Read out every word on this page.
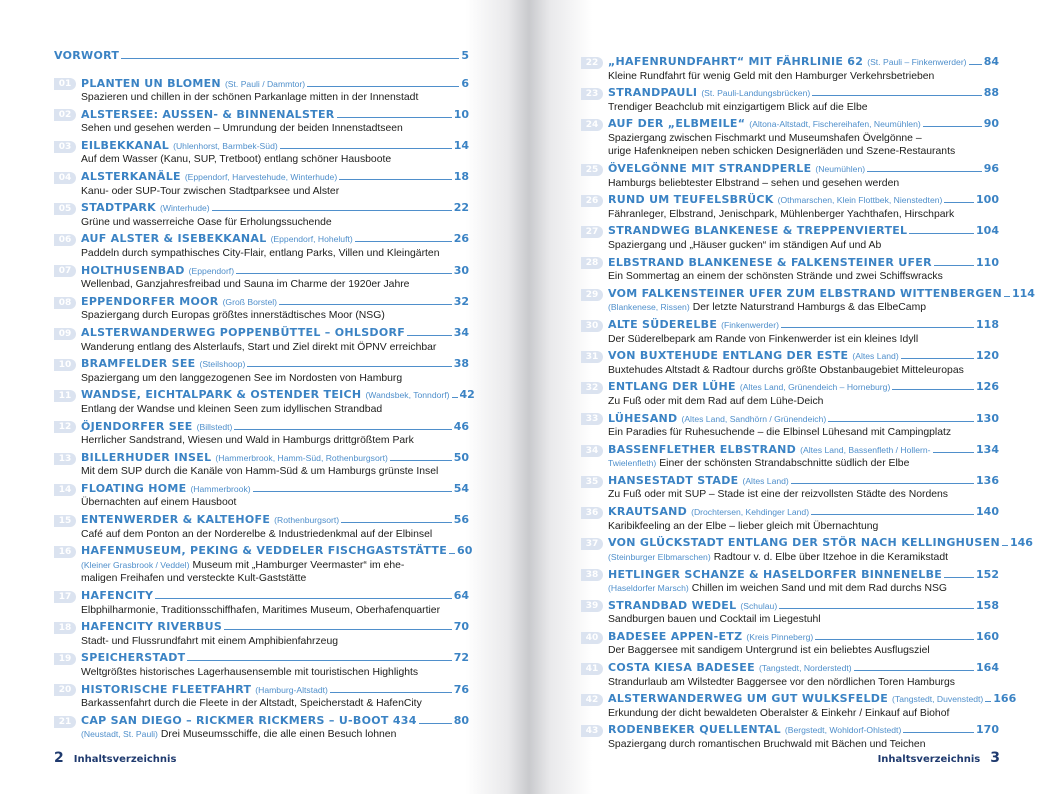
VORWORT	5
01 PLANTEN UN BLOMEN (St. Pauli / Dammtor)	6
Spazieren und chillen in der schönen Parkanlage mitten in der Innenstadt
02 ALSTERSEE: AUSSEN- & BINNENALSTER	10
Sehen und gesehen werden – Umrundung der beiden Innenstadtseen
03 EILBEKKANAL (Uhlenhorst, Barmbek-Süd)	14
Auf dem Wasser (Kanu, SUP, Tretboot) entlang schöner Hausboote
04 ALSTERKANÄLE (Eppendorf, Harvestehude, Winterhude)	18
Kanu- oder SUP-Tour zwischen Stadtparksee und Alster
05 STADTPARK (Winterhude)	22
Grüne und wasserreiche Oase für Erholungssuchende
06 AUF ALSTER & ISEBEKKANAL (Eppendorf, Hoheluft)	26
Paddeln durch sympathisches City-Flair, entlang Parks, Villen und Kleingärten
07 HOLTHUSENBAD (Eppendorf)	30
Wellenbad, Ganzjahresfreibad und Sauna im Charme der 1920er Jahre
08 EPPENDORFER MOOR (Groß Borstel)	32
Spaziergang durch Europas größtes innerstädtisches Moor (NSG)
09 ALSTERWANDERWEG POPPENBÜTTEL – OHLSDORF	34
Wanderung entlang des Alsterlaufs, Start und Ziel direkt mit ÖPNV erreichbar
10 BRAMFELDER SEE (Steilshoop)	38
Spaziergang um den langgezogenen See im Nordosten von Hamburg
11 WANDSE, EICHTALPARK & OSTENDER TEICH (Wandsbek, Tonndorf) 42
Entlang der Wandse und kleinen Seen zum idyllischen Strandbad
12 ÖJENDORFER SEE (Billstedt)	46
Herrlicher Sandstrand, Wiesen und Wald in Hamburgs drittgrößtem Park
13 BILLERHUDER INSEL (Hammerbrook, Hamm-Süd, Rothenburgsort)	50
Mit dem SUP durch die Kanäle von Hamm-Süd & um Hamburgs grünste Insel
14 FLOATING HOME (Hammerbrook)	54
Übernachten auf einem Hausboot
15 ENTENWERDER & KALTEHOFE (Rothenburgsort)	56
Café auf dem Ponton an der Norderelbe & Industriedenkmal auf der Elbinsel
16 HAFENMUSEUM, PEKING & VEDDELER FISCHGASTSTÄTTE 60
(Kleiner Grasbrook / Veddel) Museum mit „Hamburger Veermaster“ im ehe-
maligen Freihafen und versteckte Kult-Gaststätte
17 HAFENCITY	64
Elbphilharmonie, Traditionsschiffhafen, Maritimes Museum, Oberhafenquartier
18 HAFENCITY RIVERBUS	70
Stadt- und Flussrundfahrt mit einem Amphibienfahrzeug
19 SPEICHERSTADT	72
Weltgrößtes historisches Lagerhausensemble mit touristischen Highlights
20 HISTORISCHE FLEETFAHRT (Hamburg-Altstadt)	76
Barkassenfahrt durch die Fleete in der Altstadt, Speicherstadt & HafenCity
21 CAP SAN DIEGO – RICKMER RICKMERS – U-BOOT 434	80
(Neustadt, St. Pauli) Drei Museumsschiffe, die alle einen Besuch lohnen
2 Inhaltsverzeichnis	Inhaltsverzeichnis 3
22 „HAFENRUNDFAHRT“ MIT FÄHRLINIE 62 (St. Pauli – Finkenwerder) 84
Kleine Rundfahrt für wenig Geld mit den Hamburger Verkehrsbetrieben
23 STRANDPAULI (St. Pauli-Landungsbrücken)	88
Trendiger Beachclub mit einzigartigem Blick auf die Elbe
24 AUF DER „ELBMEILE“ (Altona-Altstadt, Fischereihafen, Neumühlen)	90
Spaziergang zwischen Fischmarkt und Museumshafen Övelgönne –
urige Hafenkneipen neben schicken Designerläden und Szene-Restaurants
25 ÖVELGÖNNE MIT STRANDPERLE (Neumühlen)	96
Hamburgs beliebtester Elbstrand – sehen und gesehen werden
26 RUND UM TEUFELSBRÜCK (Othmarschen, Klein Flottbek, Nienstedten)	100
Fähranleger, Elbstrand, Jenischpark, Mühlenberger Yachthafen, Hirschpark
27 STRANDWEG BLANKENESE & TREPPENVIERTEL	104
Spaziergang und „Häuser gucken“ im ständigen Auf und Ab
28 ELBSTRAND BLANKENESE & FALKENSTEINER UFER	110
Ein Sommertag an einem der schönsten Strände und zwei Schiffswracks
29 VOM FALKENSTEINER UFER ZUM ELBSTRAND WITTENBERGEN 114
(Blankenese, Rissen) Der letzte Naturstrand Hamburgs & das ElbeCamp
30 ALTE SÜDERELBE (Finkenwerder)	118
Der Süderelbepark am Rande von Finkenwerder ist ein kleines Idyll
31 VON BUXTEHUDE ENTLANG DER ESTE (Altes Land)	120
Buxtehudes Altstadt & Radtour durchs größte Obstanbaugebiet Mitteleuropas
32 ENTLANG DER LÜHE (Altes Land, Grünendeich – Horneburg)	126
Zu Fuß oder mit dem Rad auf dem Lühe-Deich
33 LÜHESAND (Altes Land, Sandhörn / Grünendeich)	130
Ein Paradies für Ruhesuchende – die Elbinsel Lühesand mit Campingplatz
34 BASSENFLETHER ELBSTRAND (Altes Land, Bassenfleth / Hollern-	134
Twielenfleth) Einer der schönsten Strandabschnitte südlich der Elbe
35 HANSESTADT STADE (Altes Land)	136
Zu Fuß oder mit SUP – Stade ist eine der reizvollsten Städte des Nordens
36 KRAUTSAND (Drochtersen, Kehdinger Land)	140
Karibikfeeling an der Elbe – lieber gleich mit Übernachtung
37 VON GLÜCKSTADT ENTLANG DER STÖR NACH KELLINGHUSEN 146
(Steinburger Elbmarschen) Radtour v. d. Elbe über Itzehoe in die Keramikstadt
38 HETLINGER SCHANZE & HASELDORFER BINNENELBE	152
(Haseldorfer Marsch) Chillen im weichen Sand und mit dem Rad durchs NSG
39 STRANDBAD WEDEL (Schulau)	158
Sandburgen bauen und Cocktail im Liegestuhl
40 BADESEE APPEN-ETZ (Kreis Pinneberg)	160
Der Baggersee mit sandigem Untergrund ist ein beliebtes Ausflugsziel
41 COSTA KIESA BADESEE (Tangstedt, Norderstedt)	164
Strandurlaub am Wilstedter Baggersee vor den nördlichen Toren Hamburgs
42 ALSTERWANDERWEG UM GUT WULKSFELDE (Tangstedt, Duvenstedt) 166
Erkundung der dicht bewaldeten Oberalster & Einkehr / Einkauf auf Biohof
43 RODENBEKER QUELLENTAL (Bergstedt, Wohldorf-Ohlstedt)	170
Spaziergang durch romantischen Bruchwald mit Bächen und Teichen
